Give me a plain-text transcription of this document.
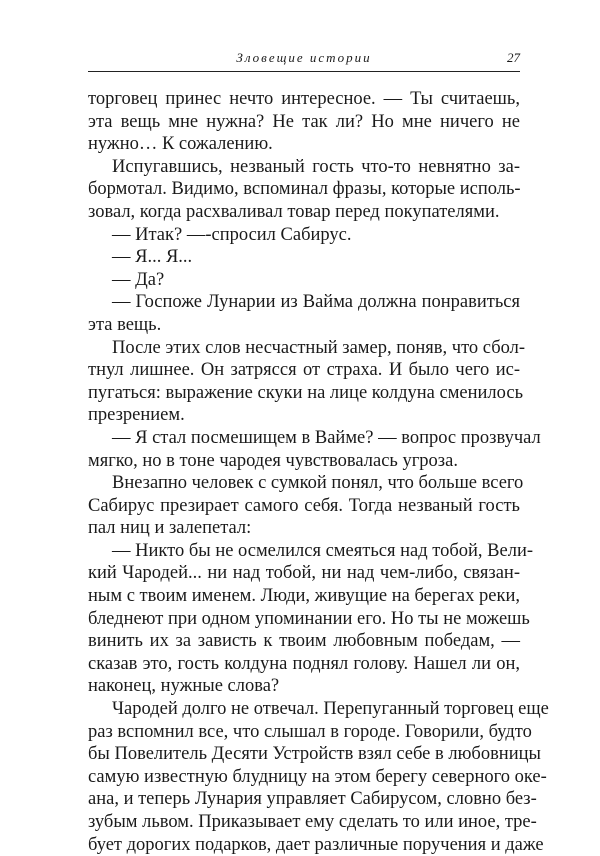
Зловещие истории	27
торговец принес нечто интересное. — Ты считаешь,
эта вещь мне нужна? Не так ли? Но мне ничего не
нужно… К сожалению.
Испугавшись, незваный гость что-то невнятно за-
бормотал. Видимо, вспоминал фразы, которые исполь-
зовал, когда расхваливал товар перед покупателями.
— Итак? —-спросил Сабирус.
— Я... Я...
— Да?
— Госпоже Лунарии из Вайма должна понравиться
эта вещь.
После этих слов несчастный замер, поняв, что сбол-
тнул лишнее. Он затрясся от страха. И было чего ис-
пугаться: выражение скуки на лице колдуна сменилось
презрением.
— Я стал посмешищем в Вайме? — вопрос прозвучал
мягко, но в тоне чародея чувствовалась угроза.
Внезапно человек с сумкой понял, что больше всего
Сабирус презирает самого себя. Тогда незваный гость
пал ниц и залепетал:
— Никто бы не осмелился смеяться над тобой, Вели-
кий Чародей... ни над тобой, ни над чем-либо, связан-
ным с твоим именем. Люди, живущие на берегах реки,
бледнеют при одном упоминании его. Но ты не можешь
винить их за зависть к твоим любовным победам, —
сказав это, гость колдуна поднял голову. Нашел ли он,
наконец, нужные слова?
Чародей долго не отвечал. Перепуганный торговец еще
раз вспомнил все, что слышал в городе. Говорили, будто
бы Повелитель Десяти Устройств взял себе в любовницы
самую известную блудницу на этом берегу северного оке-
ана, и теперь Лунария управляет Сабирусом, словно без-
зубым львом. Приказывает ему сделать то или иное, тре-
бует дорогих подарков, дает различные поручения и даже
